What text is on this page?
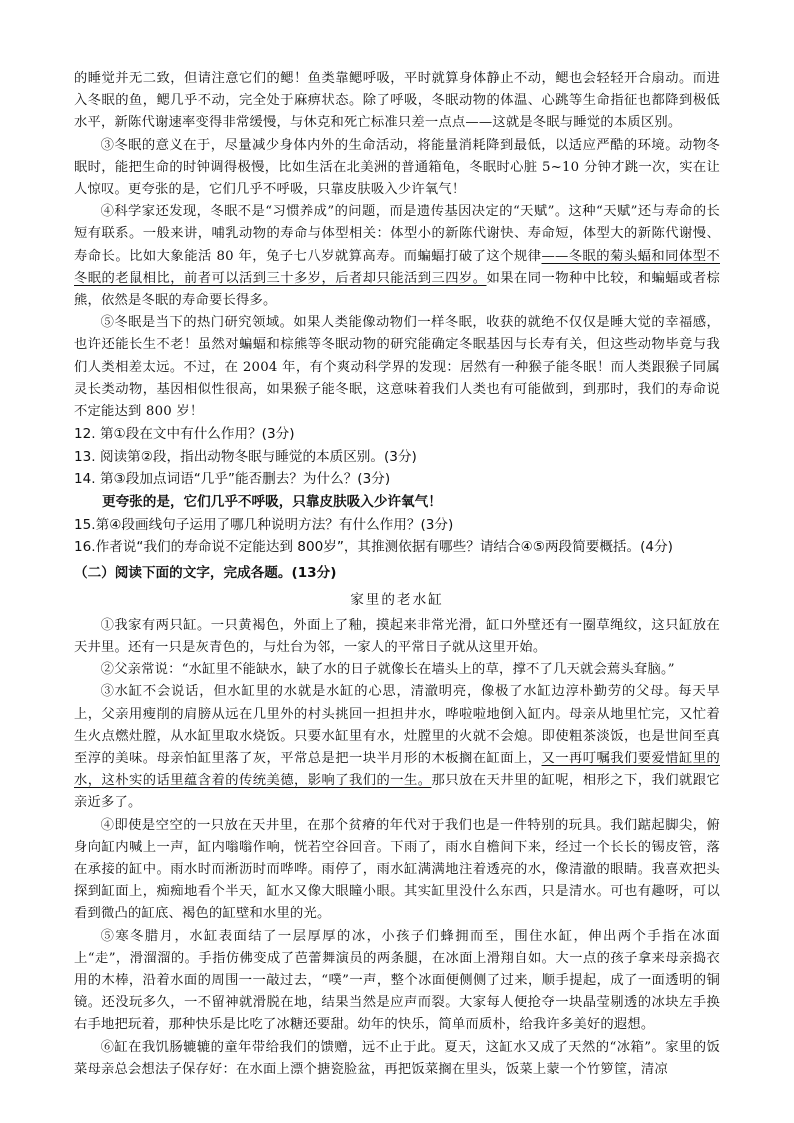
的睡觉并无二致，但请注意它们的鳃！鱼类靠鳃呼吸，平时就算身体静止不动，鳃也会轻轻开合扇动。而进入冬眠的鱼，鳃几乎不动，完全处于麻痹状态。除了呼吸，冬眠动物的体温、心跳等生命指征也都降到极低水平，新陈代谢速率变得非常缓慢，与休克和死亡标准只差一点点——这就是冬眠与睡觉的本质区别。

③冬眠的意义在于，尽量减少身体内外的生命活动，将能量消耗降到最低，以适应严酷的环境。动物冬眠时，能把生命的时钟调得极慢，比如生活在北美洲的普通箱龟，冬眠时心脏 5~10 分钟才跳一次，实在让人惊叹。更夸张的是，它们几乎不呼吸，只靠皮肤吸入少许氧气！

④科学家还发现，冬眠不是“习惯养成”的问题，而是遗传基因决定的“天赋”。这种“天赋”还与寿命的长短有联系。一般来讲，哺乳动物的寿命与体型相关：体型小的新陈代谢快、寿命短，体型大的新陈代谢慢、寿命长。比如大象能活 80 年，兔子七八岁就算高寿。而蝙蝠打破了这个规律——冬眠的菊头蝠和同体型不冬眠的老鼠相比，前者可以活到三十多岁，后者却只能活到三四岁。如果在同一物种中比较，和蝙蝠或者棕熊，依然是冬眠的寿命要长得多。

⑤冬眠是当下的热门研究领域。如果人类能像动物们一样冬眠，收获的就绝不仅仅是睡大觉的幸福感，也许还能长生不老！虽然对蝙蝠和棕熊等冬眠动物的研究能确定冬眠基因与长寿有关，但这些动物毕竟与我们人类相差太远。不过，在 2004 年，有个爽动科学界的发现：居然有一种猴子能冬眠！而人类跟猴子同属灵长类动物，基因相似性很高，如果猴子能冬眠，这意味着我们人类也有可能做到，到那时，我们的寿命说不定能达到 800 岁！

12. 第①段在文中有什么作用？(3分)

13. 阅读第②段，指出动物冬眠与睡觉的本质区别。(3分)

14. 第③段加点词语“几乎”能否删去？为什么？(3分)

更夸张的是，它们几乎不呼吸，只靠皮肤吸入少许氧气！

15.第④段画线句子运用了哪几种说明方法？有什么作用？(3分)

16.作者说“我们的寿命说不定能达到 800岁”，其推测依据有哪些？请结合④⑤两段简要概括。(4分)

（二）阅读下面的文字，完成各题。(13分)

家里的老水缸

①我家有两只缸。一只黄褐色，外面上了釉，摸起来非常光滑，缸口外壁还有一圈草绳纹，这只缸放在天井里。还有一只是灰青色的，与灶台为邻，一家人的平常日子就从这里开始。

②父亲常说：“水缸里不能缺水，缺了水的日子就像长在墙头上的草，撑不了几天就会蔫头耷脑。”

③水缸不会说话，但水缸里的水就是水缸的心思，清澈明亮，像极了水缸边淳朴勤劳的父母。每天早上，父亲用瘦削的肩膀从远在几里外的村头挑回一担担井水，哗啦啦地倒入缸内。母亲从地里忙完，又忙着生火点燃灶膛，从水缸里取水烧饭。只要水缸里有水，灶膛里的火就不会熄。即使粗茶淡饭，也是世间至真至淳的美味。母亲怕缸里落了灰，平常总是把一块半月形的木板搁在缸面上，又一再叮嘱我们要爱惜缸里的水，这朴实的话里蕴含着的传统美德，影响了我们的一生。那只放在天井里的缸呢，相形之下，我们就跟它亲近多了。

④即使是空空的一只放在天井里，在那个贫瘠的年代对于我们也是一件特别的玩具。我们踮起脚尖，俯身向缸内喊上一声，缸内嗡嗡作响，恍若空谷回音。下雨了，雨水自檐间下来，经过一个长长的锡皮管，落在承接的缸中。雨水时而淅沥时而哗哗。雨停了，雨水缸满满地注着透亮的水，像清澈的眼睛。我喜欢把头探到缸面上，痴痴地看个半天，缸水又像大眼瞳小眼。其实缸里没什么东西，只是清水。可也有趣呀，可以看到微凸的缸底、褐色的缸壁和水里的光。

⑤寒冬腊月，水缸表面结了一层厚厚的冰，小孩子们蜂拥而至，围住水缸，伸出两个手指在冰面上“走”，滑溜溜的。手指仿佛变成了芭蕾舞演员的两条腿，在冰面上滑翔自如。大一点的孩子拿来母亲捣衣用的木棒，沿着水面的周围一一敲过去，“噗”一声，整个冰面便侧侧了过来，顺手提起，成了一面透明的铜镜。还没玩多久，一不留神就滑脱在地，结果当然是应声而裂。大家每人便抢夺一块晶莹剔透的冰块左手换右手地把玩着，那种快乐是比吃了冰糖还要甜。幼年的快乐，简单而质朴，给我许多美好的遐想。

⑥缸在我饥肠辘辘的童年带给我们的馈赠，远不止于此。夏天，这缸水又成了天然的“冰箱”。家里的饭菜母亲总会想法子保存好：在水面上漂个搪瓷脸盆，再把饭菜搁在里头，饭菜上蒙一个竹箩筐，清凉
